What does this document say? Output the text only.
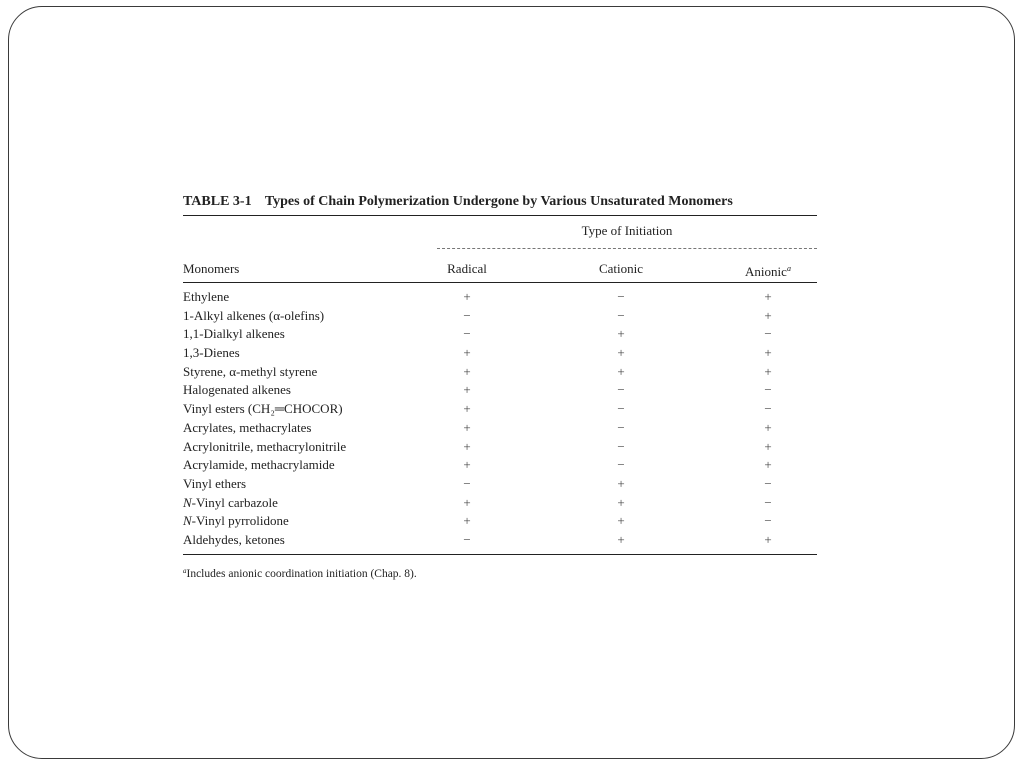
TABLE 3-1 Types of Chain Polymerization Undergone by Various Unsaturated Monomers
Type of Initiation
Monomers	Radical	Cationic	Anionic$^a$
Ethylene	+	−	+
1-Alkyl alkenes (α-olefins)	−	−	+
1,1-Dialkyl alkenes	−	+	−
1,3-Dienes	+	+	+
Styrene, α-methyl styrene	+	+	+
Halogenated alkenes	+	−	−
Vinyl esters (CH₂═CHOCOR)	+	−	−
Acrylates, methacrylates	+	−	+
Acrylonitrile, methacrylonitrile	+	−	+
Acrylamide, methacrylamide	+	−	+
Vinyl ethers	−	+	−
N-Vinyl carbazole	+	+	−
N-Vinyl pyrrolidone	+	+	−
Aldehydes, ketones	−	+	+
$^a$Includes anionic coordination initiation (Chap. 8).
